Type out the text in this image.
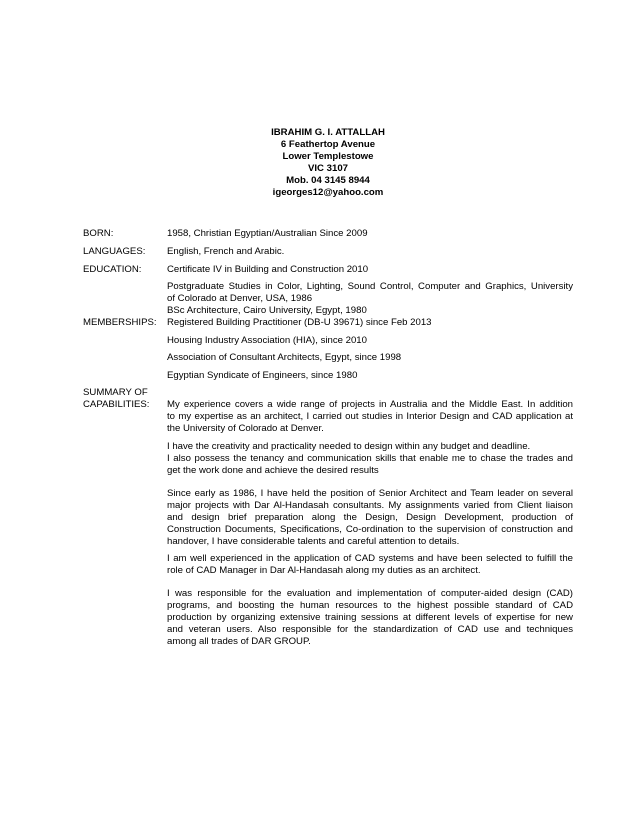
IBRAHIM G. I. ATTALLAH
6 Feathertop Avenue
Lower Templestowe
VIC 3107
Mob. 04 3145 8944
igeorges12@yahoo.com
BORN:	1958, Christian Egyptian/Australian Since 2009
LANGUAGES:	English, French and Arabic.
EDUCATION:	Certificate IV in Building and Construction 2010
Postgraduate Studies in Color, Lighting, Sound Control, Computer and Graphics, University
of Colorado at Denver, USA, 1986
BSc Architecture, Cairo University, Egypt, 1980
MEMBERSHIPS:	Registered Building Practitioner (DB-U 39671) since Feb 2013
Housing Industry Association (HIA), since 2010
Association of Consultant Architects, Egypt, since 1998
Egyptian Syndicate of Engineers, since 1980
SUMMARY OF
CAPABILITIES:	My experience covers a wide range of projects in Australia and the Middle East. In addition
to my expertise as an architect, I carried out studies in Interior Design and CAD application at
the University of Colorado at Denver.
I have the creativity and practicality needed to design within any budget and deadline.
I also possess the tenancy and communication skills that enable me to chase the trades and
get the work done and achieve the desired results
Since early as 1986, I have held the position of Senior Architect and Team leader on several
major projects with Dar Al-Handasah consultants. My assignments varied from Client liaison
and design brief preparation along the Design, Design Development, production of
Construction Documents, Specifications, Co-ordination to the supervision of construction and
handover, I have considerable talents and careful attention to details.
I am well experienced in the application of CAD systems and have been selected to fulfill the
role of CAD Manager in Dar Al-Handasah along my duties as an architect.
I was responsible for the evaluation and implementation of computer-aided design (CAD)
programs, and boosting the human resources to the highest possible standard of CAD
production by organizing extensive training sessions at different levels of expertise for new
and veteran users. Also responsible for the standardization of CAD use and techniques
among all trades of DAR GROUP.
